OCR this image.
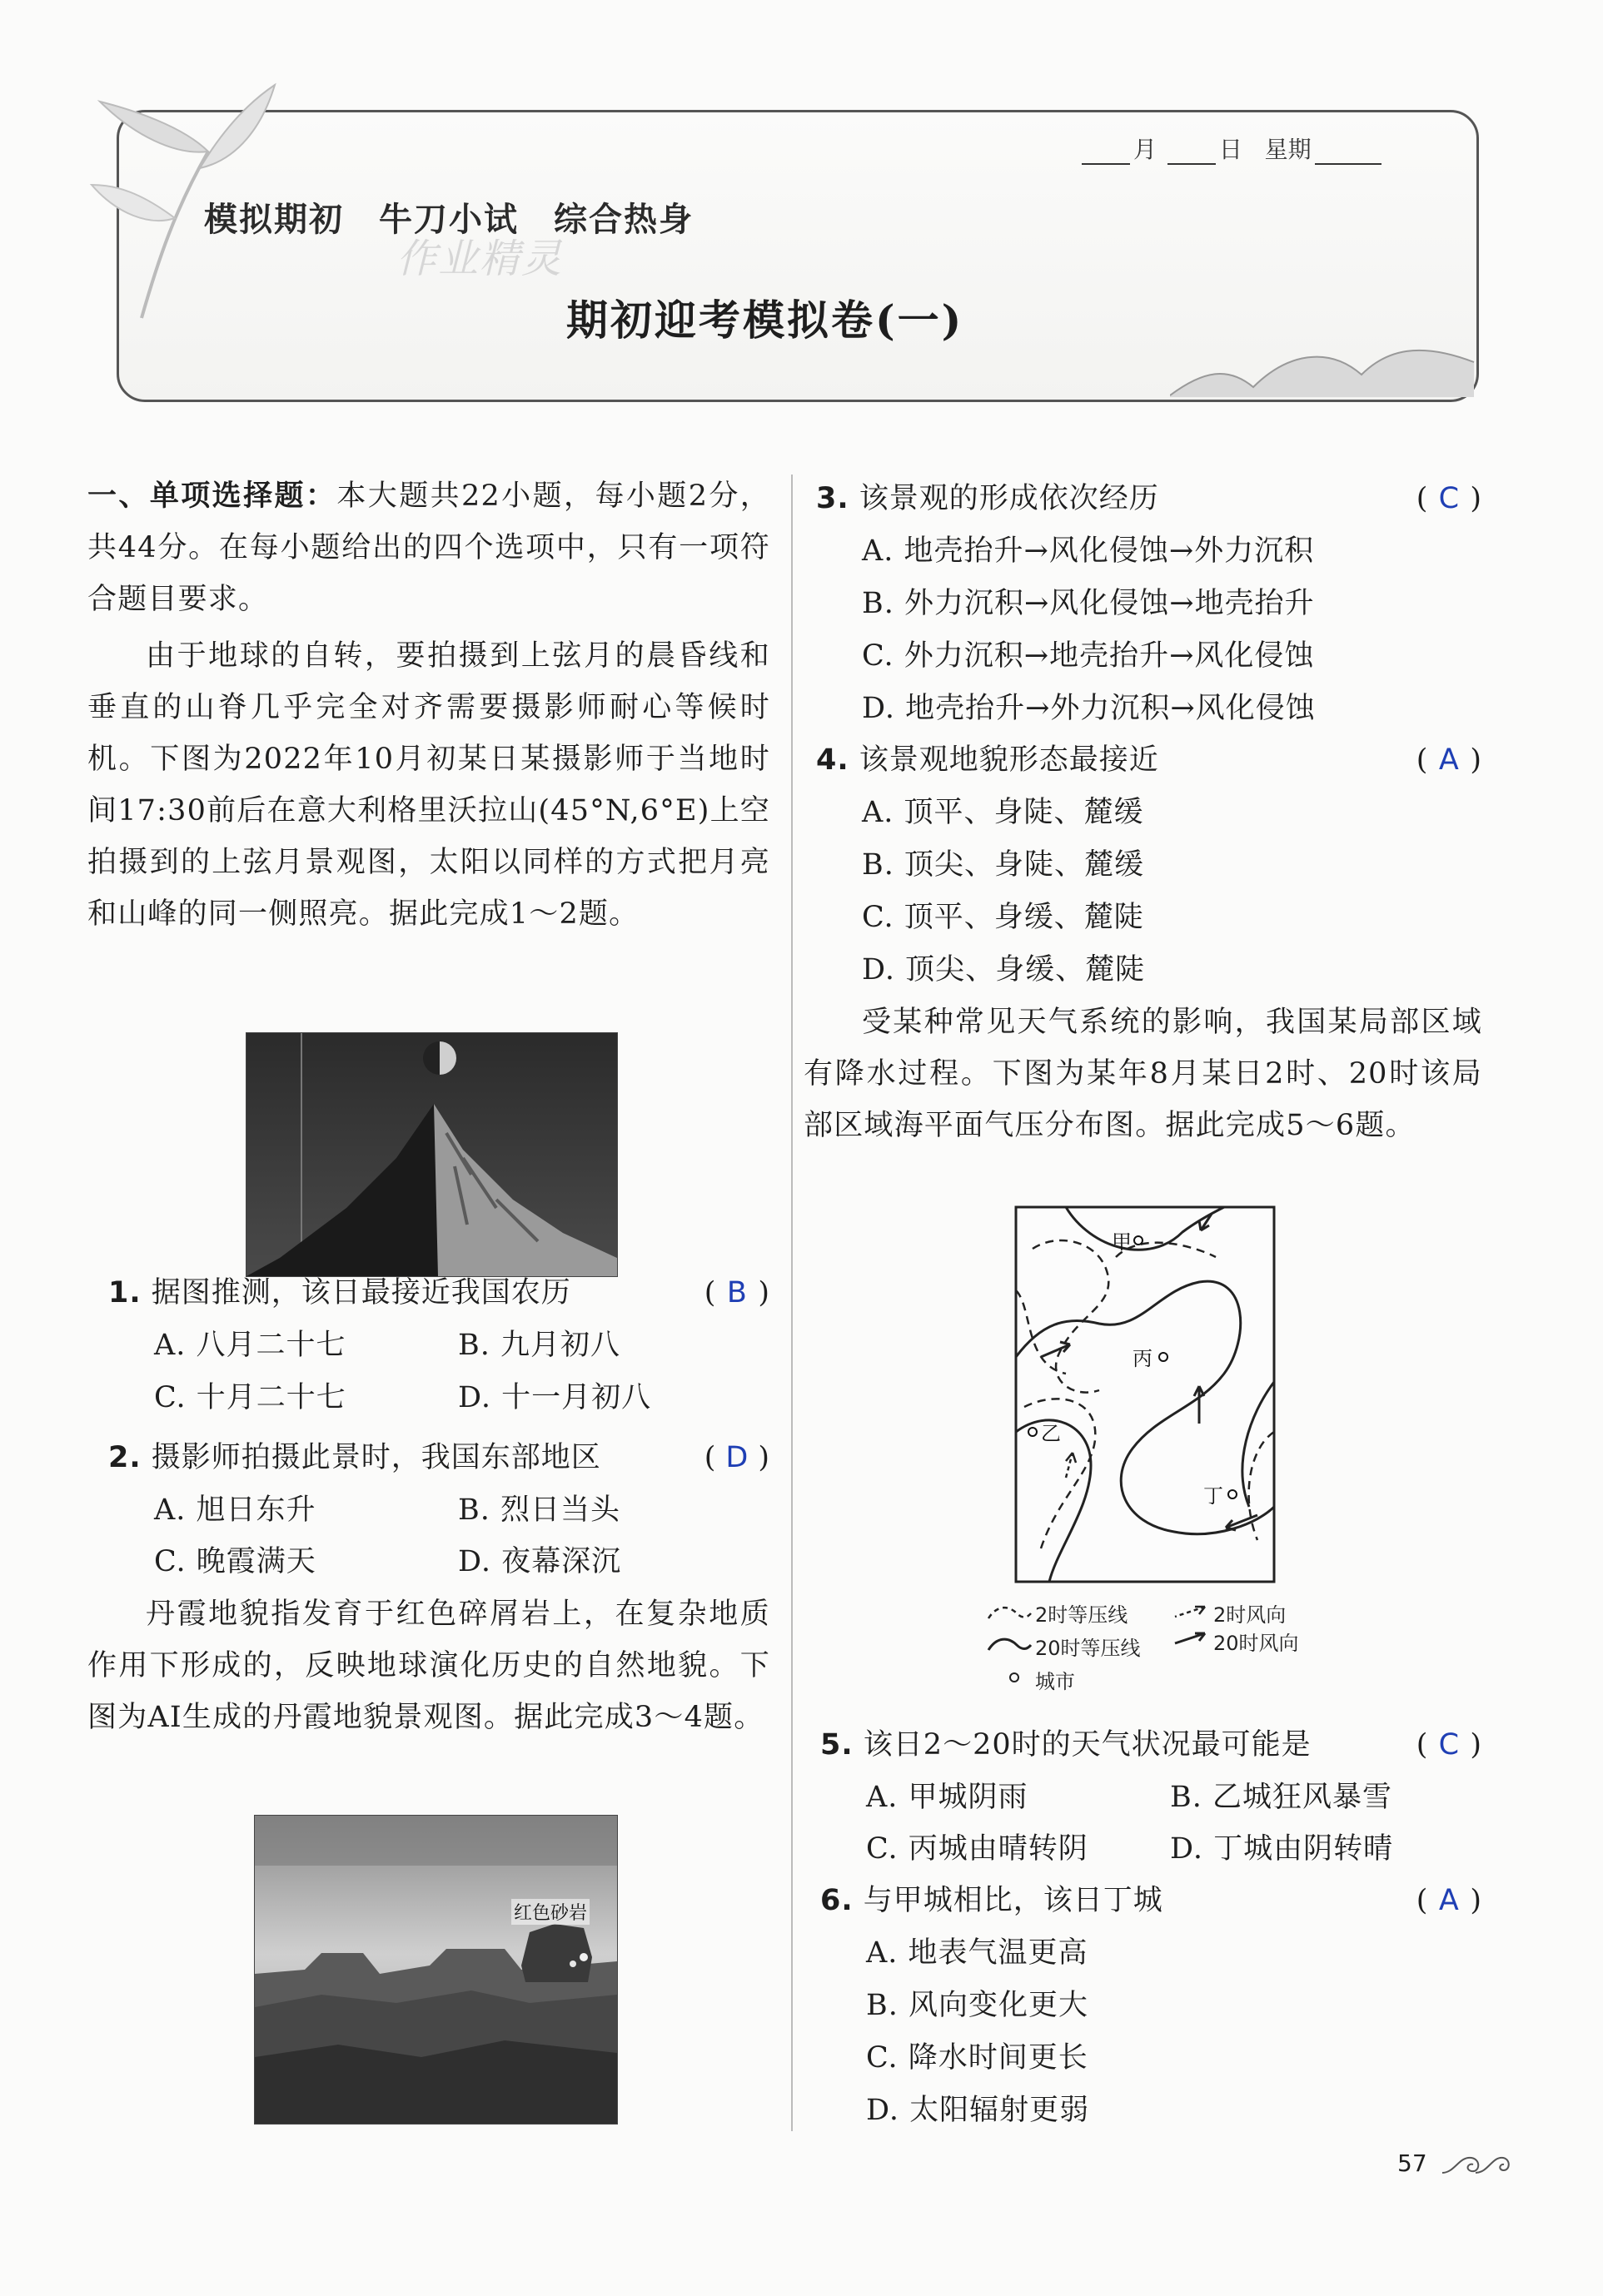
月	日 星期
模拟期初　牛刀小试　综合热身
作业精灵
期初迎考模拟卷(一)
一、单项选择题：本大题共22小题，每小题2分，共44分。在每小题给出的四个选项中，只有一项符合题目要求。
由于地球的自转，要拍摄到上弦月的晨昏线和垂直的山脊几乎完全对齐需要摄影师耐心等候时机。下图为2022年10月初某日某摄影师于当地时间17:30前后在意大利格里沃拉山(45°N,6°E)上空拍摄到的上弦月景观图，太阳以同样的方式把月亮和山峰的同一侧照亮。据此完成1～2题。
1. 据图推测，该日最接近我国农历	( B )
A. 八月二十七	B. 九月初八
C. 十月二十七	D. 十一月初八
2. 摄影师拍摄此景时，我国东部地区	( D )
A. 旭日东升	B. 烈日当头
C. 晚霞满天	D. 夜幕深沉
丹霞地貌指发育于红色碎屑岩上，在复杂地质作用下形成的，反映地球演化历史的自然地貌。下图为AI生成的丹霞地貌景观图。据此完成3～4题。
红色砂岩
3. 该景观的形成依次经历	( C )
A. 地壳抬升→风化侵蚀→外力沉积
B. 外力沉积→风化侵蚀→地壳抬升
C. 外力沉积→地壳抬升→风化侵蚀
D. 地壳抬升→外力沉积→风化侵蚀
4. 该景观地貌形态最接近	( A )
A. 顶平、身陡、麓缓
B. 顶尖、身陡、麓缓
C. 顶平、身缓、麓陡
D. 顶尖、身缓、麓陡
受某种常见天气系统的影响，我国某局部区域有降水过程。下图为某年8月某日2时、20时该局部区域海平面气压分布图。据此完成5～6题。
甲
乙
丙
丁
2时等压线
20时等压线
2时风向
20时风向
城市
5. 该日2～20时的天气状况最可能是	( C )
A. 甲城阴雨	B. 乙城狂风暴雪
C. 丙城由晴转阴	D. 丁城由阴转晴
6. 与甲城相比，该日丁城	( A )
A. 地表气温更高
B. 风向变化更大
C. 降水时间更长
D. 太阳辐射更弱
57
